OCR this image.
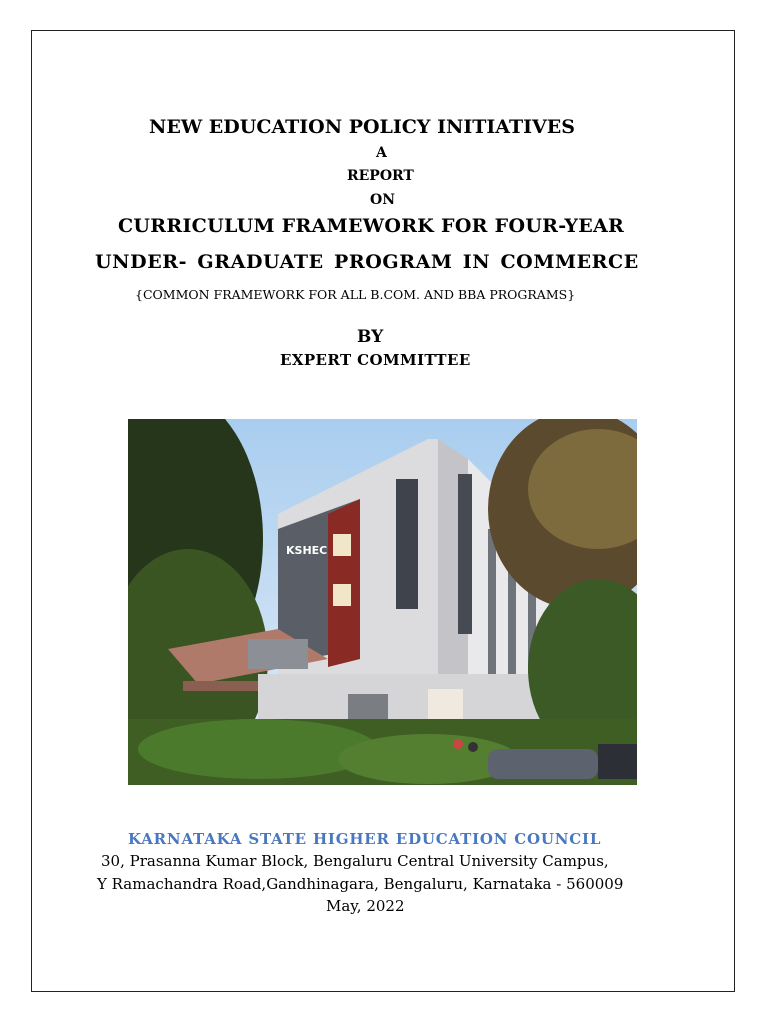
NEW EDUCATION POLICY INITIATIVES
A
REPORT
ON
CURRICULUM FRAMEWORK FOR FOUR-YEAR
UNDER- GRADUATE PROGRAM IN COMMERCE
{COMMON FRAMEWORK FOR ALL B.COM. AND BBA PROGRAMS}
BY
EXPERT COMMITTEE
KSHEC
KARNATAKA STATE HIGHER EDUCATION COUNCIL
30, Prasanna Kumar Block, Bengaluru Central University Campus,
Y Ramachandra Road,Gandhinagara, Bengaluru, Karnataka - 560009
May, 2022
